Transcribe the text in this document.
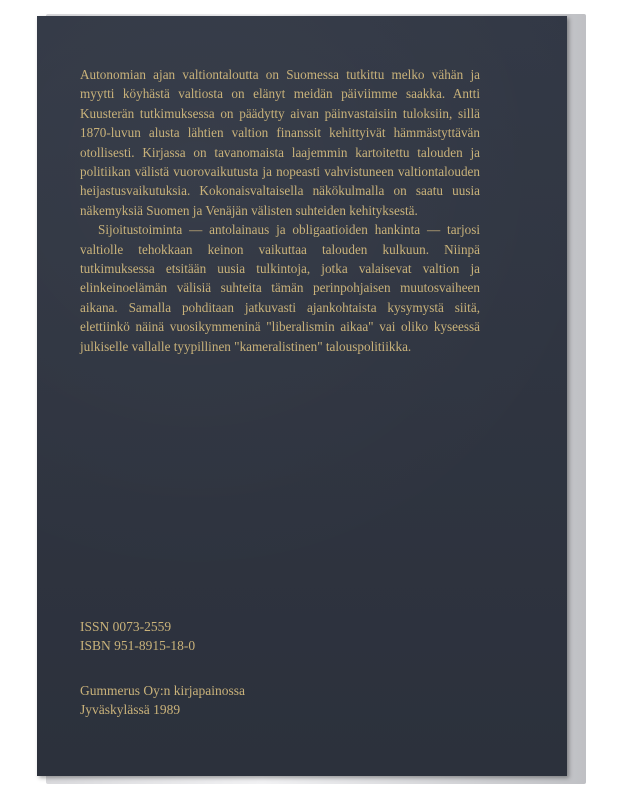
Autonomian ajan valtiontaloutta on Suomessa tutkittu melko vähän ja myytti köyhästä valtiosta on elänyt meidän päiviimme saakka. Antti Kuusterän tutkimuksessa on päädytty aivan päinvastaisiin tuloksiin, sillä 1870-luvun alusta lähtien valtion finanssit kehittyivät hämmästyttävän otollisesti. Kirjassa on tavanomaista laajemmin kartoitettu talouden ja politiikan välistä vuorovaikutusta ja nopeasti vahvistuneen valtiontalouden heijastusvaikutuksia. Kokonaisvaltaisella näkökulmalla on saatu uusia näkemyksiä Suomen ja Venäjän välisten suhteiden kehityksestä.

Sijoitustoiminta — antolainaus ja obligaatioiden hankinta — tarjosi valtiolle tehokkaan keinon vaikuttaa talouden kulkuun. Niinpä tutkimuksessa etsitään uusia tulkintoja, jotka valaisevat valtion ja elinkeinoelämän välisiä suhteita tämän perinpohjaisen muutosvaiheen aikana. Samalla pohditaan jatkuvasti ajankohtaista kysymystä siitä, elettiinkö näinä vuosikymmeninä "liberalismin aikaa" vai oliko kyseessä julkiselle vallalle tyypillinen "kameralistinen" talouspolitiikka.

ISSN 0073-2559
ISBN 951-8915-18-0
Gummerus Oy:n kirjapainossa
Jyväskylässä 1989
